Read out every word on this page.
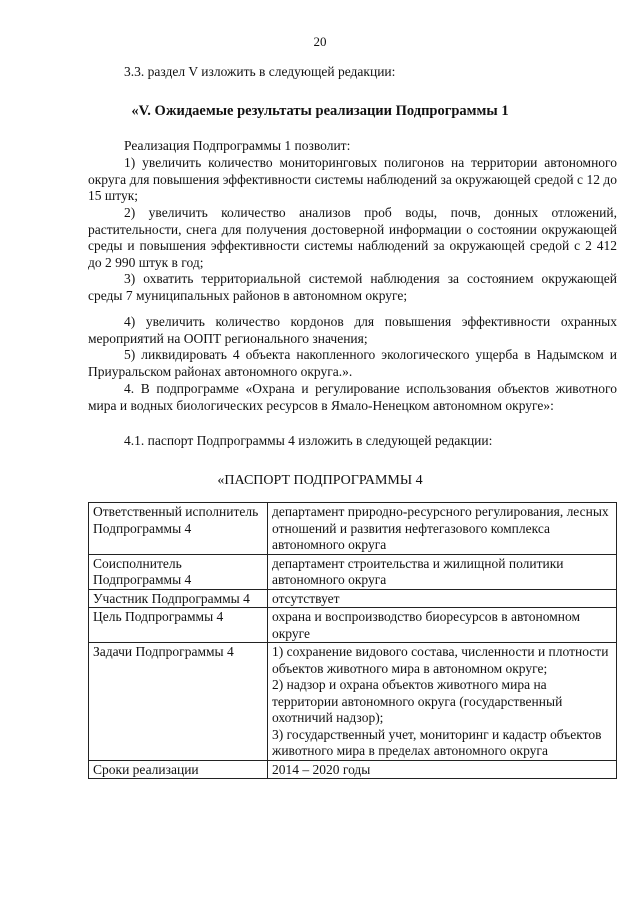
20
3.3. раздел V изложить в следующей редакции:
«V. Ожидаемые результаты реализации Подпрограммы 1
Реализация Подпрограммы 1 позволит:
1) увеличить количество мониторинговых полигонов на территории автономного округа для повышения эффективности системы наблюдений за окружающей средой с 12 до 15 штук;
2) увеличить количество анализов проб воды, почв, донных отложений, растительности, снега для получения достоверной информации о состоянии окружающей среды и повышения эффективности системы наблюдений за окружающей средой с 2 412 до 2 990 штук в год;
3) охватить территориальной системой наблюдения за состоянием окружающей среды 7 муниципальных районов в автономном округе;
4) увеличить количество кордонов для повышения эффективности охранных мероприятий на ООПТ регионального значения;
5) ликвидировать 4 объекта накопленного экологического ущерба в Надымском и Приуральском районах автономного округа.».
4. В подпрограмме «Охрана и регулирование использования объектов животного мира и водных биологических ресурсов в Ямало-Ненецком автономном округе»:
4.1. паспорт Подпрограммы 4 изложить в следующей редакции:
«ПАСПОРТ ПОДПРОГРАММЫ 4
Ответственный исполнитель Подпрограммы 4	департамент природно-ресурсного регулирования, лесных отношений и развития нефтегазового комплекса автономного округа
Соисполнитель Подпрограммы 4	департамент строительства и жилищной политики автономного округа
Участник Подпрограммы 4	отсутствует
Цель Подпрограммы 4	охрана и воспроизводство биоресурсов в автономном округе
Задачи Подпрограммы 4	1) сохранение видового состава, численности и плотности объектов животного мира в автономном округе;
2) надзор и охрана объектов животного мира на территории автономного округа (государственный охотничий надзор);
3) государственный учет, мониторинг и кадастр объектов животного мира в пределах автономного округа

Сроки реализации	2014 – 2020 годы
